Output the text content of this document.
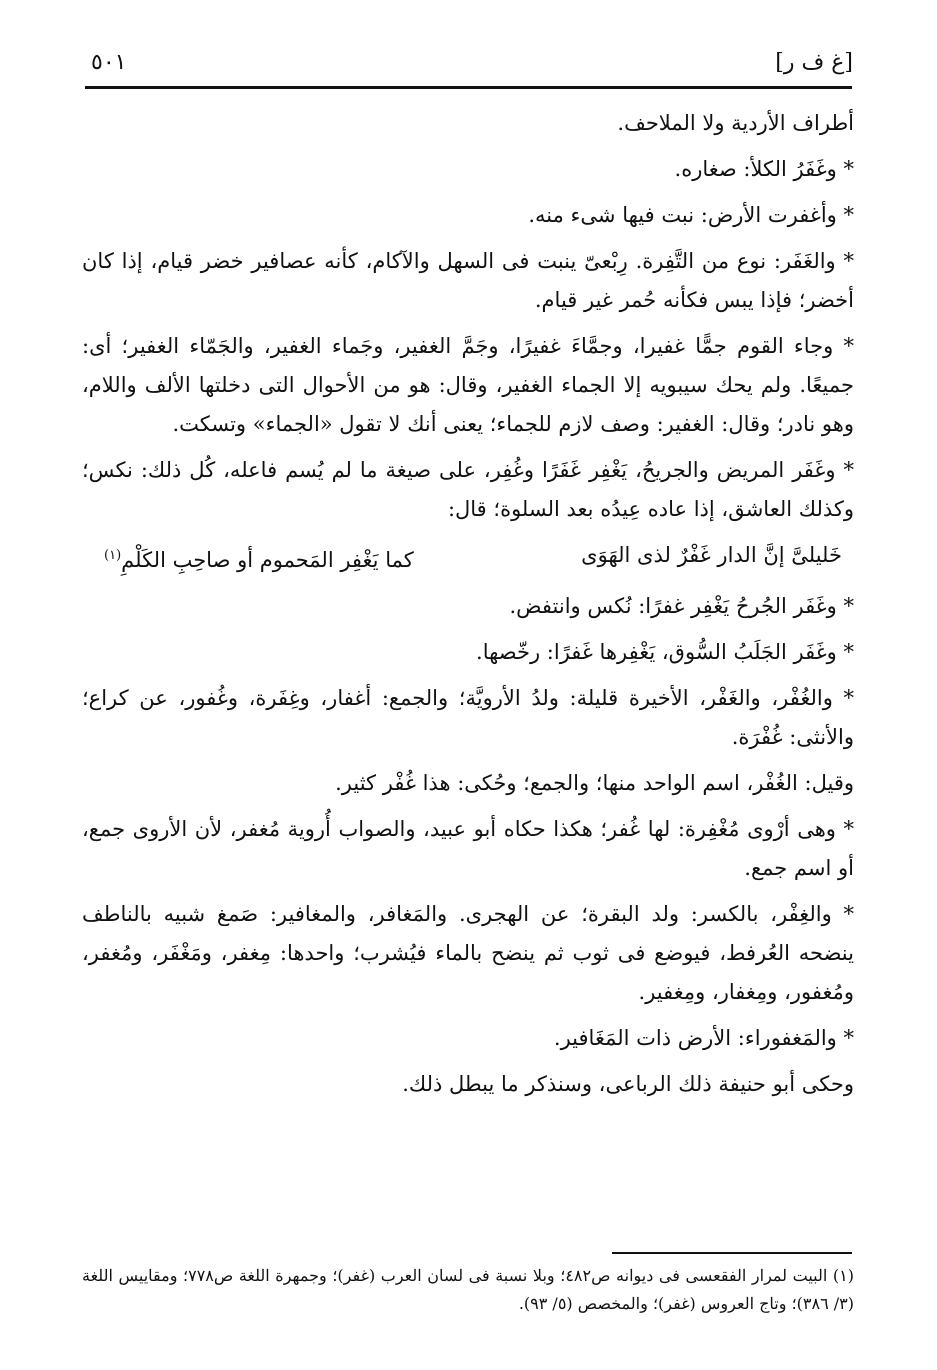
٥٠١	[غ ف ر]

أطراف الأردية ولا الملاحف.

* وغَفَرُ الكلأ: صغاره.

* وأغفرت الأرض: نبت فيها شىء منه.

* والغَفَر: نوع من التَّفِرة. رِبْعىّ ينبت فى السهل والآكام، كأنه عصافير خضر قيام، إذا كان أخضر؛ فإذا يبس فكأنه حُمر غير قيام.

* وجاء القوم جمًّا غفيرا، وجمَّاءَ غفيرًا، وجَمَّ الغفير، وجَماء الغفير، والجَمّاء الغفير؛ أى: جميعًا. ولم يحك سيبويه إلا الجماء الغفير، وقال: هو من الأحوال التى دخلتها الألف واللام، وهو نادر؛ وقال: الغفير: وصف لازم للجماء؛ يعنى أنك لا تقول «الجماء» وتسكت.

* وغَفَر المريض والجريحُ، يَغْفِر غَفَرًا وغُفِر، على صيغة ما لم يُسم فاعله، كُل ذلك: نكس؛ وكذلك العاشق، إذا عاده عِيدُه بعد السلوة؛ قال:

خَليلىَّ إنَّ الدار غَفْرٌ لذى الهَوَى
كما يَغْفِر المَحموم أو صاحِبِ الكَلْمِ$^{(١)}$

* وغَفَر الجُرحُ يَغْفِر غفرًا: نُكس وانتفض.

* وغَفَر الجَلَبُ السُّوق، يَغْفِرها غَفرًا: رخّصها.

* والغُفْر، والغَفْر، الأخيرة قليلة: ولدُ الأرويَّة؛ والجمع: أغفار، وغِفَرة، وغُفور، عن كراع؛ والأنثى: غُفْرَة.

وقيل: الغُفْر، اسم الواحد منها؛ والجمع؛ وحُكى: هذا غُفْر كثير.

* وهى أرْوى مُغْفِرة: لها غُفر؛ هكذا حكاه أبو عبيد، والصواب أُروية مُغفر، لأن الأروى جمع، أو اسم جمع.

* والغِفْر، بالكسر: ولد البقرة؛ عن الهجرى. والمَغافر، والمغافير: صَمغ شبيه بالناطف ينضحه العُرفط، فيوضع فى ثوب ثم ينضح بالماء فيُشرب؛ واحدها: مِغفر، ومَغْفَر، ومُغفر، ومُغفور، ومِغفار، ومِغفير.

* والمَغفوراء: الأرض ذات المَغَافير.

وحكى أبو حنيفة ذلك الرباعى، وسنذكر ما يبطل ذلك.

(١) البيت لمرار الفقعسى فى ديوانه ص٤٨٢؛ وبلا نسبة فى لسان العرب (غفر)؛ وجمهرة اللغة ص٧٧٨؛ ومقاييس اللغة (٣/ ٣٨٦)؛ وتاج العروس (غفر)؛ والمخصص (٥/ ٩٣).
